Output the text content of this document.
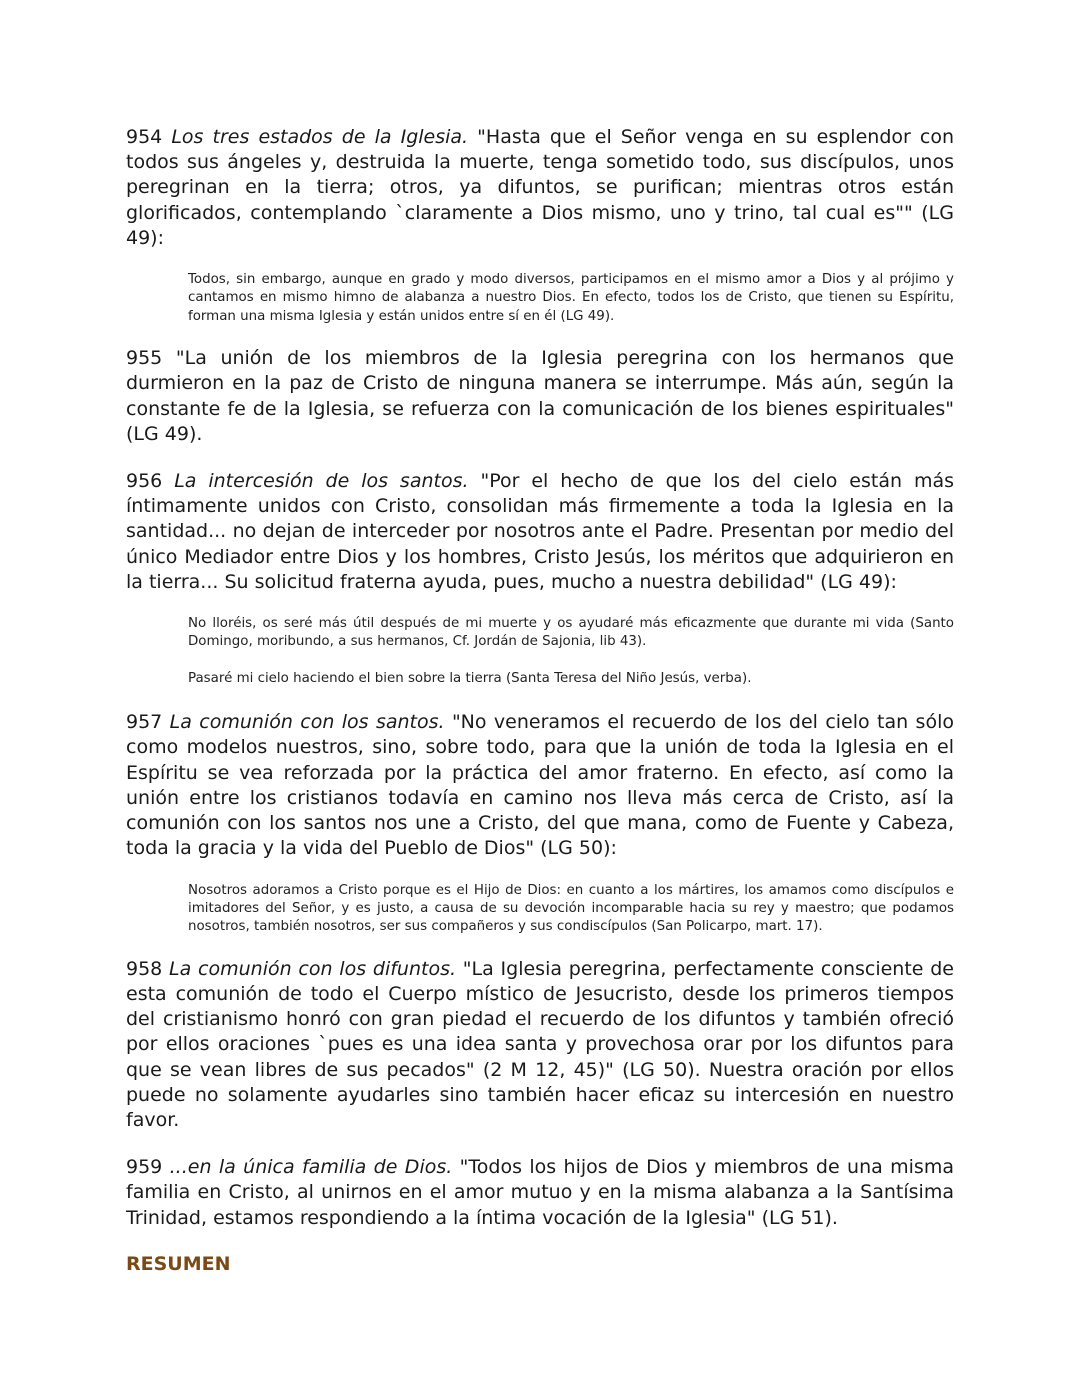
954 Los tres estados de la Iglesia. "Hasta que el Señor venga en su esplendor con todos sus ángeles y, destruida la muerte, tenga sometido todo, sus discípulos, unos peregrinan en la tierra; otros, ya difuntos, se purifican; mientras otros están glorificados, contemplando `claramente a Dios mismo, uno y trino, tal cual es"" (LG 49):

Todos, sin embargo, aunque en grado y modo diversos, participamos en el mismo amor a Dios y al prójimo y cantamos en mismo himno de alabanza a nuestro Dios. En efecto, todos los de Cristo, que tienen su Espíritu, forman una misma Iglesia y están unidos entre sí en él (LG 49).

955 "La unión de los miembros de la Iglesia peregrina con los hermanos que durmieron en la paz de Cristo de ninguna manera se interrumpe. Más aún, según la constante fe de la Iglesia, se refuerza con la comunicación de los bienes espirituales" (LG 49).

956 La intercesión de los santos. "Por el hecho de que los del cielo están más íntimamente unidos con Cristo, consolidan más firmemente a toda la Iglesia en la santidad... no dejan de interceder por nosotros ante el Padre. Presentan por medio del único Mediador entre Dios y los hombres, Cristo Jesús, los méritos que adquirieron en la tierra... Su solicitud fraterna ayuda, pues, mucho a nuestra debilidad" (LG 49):

No lloréis, os seré más útil después de mi muerte y os ayudaré más eficazmente que durante mi vida (Santo Domingo, moribundo, a sus hermanos, Cf. Jordán de Sajonia, lib 43).

Pasaré mi cielo haciendo el bien sobre la tierra (Santa Teresa del Niño Jesús, verba).

957 La comunión con los santos. "No veneramos el recuerdo de los del cielo tan sólo como modelos nuestros, sino, sobre todo, para que la unión de toda la Iglesia en el Espíritu se vea reforzada por la práctica del amor fraterno. En efecto, así como la unión entre los cristianos todavía en camino nos lleva más cerca de Cristo, así la comunión con los santos nos une a Cristo, del que mana, como de Fuente y Cabeza, toda la gracia y la vida del Pueblo de Dios" (LG 50):

Nosotros adoramos a Cristo porque es el Hijo de Dios: en cuanto a los mártires, los amamos como discípulos e imitadores del Señor, y es justo, a causa de su devoción incomparable hacia su rey y maestro; que podamos nosotros, también nosotros, ser sus compañeros y sus condiscípulos (San Policarpo, mart. 17).

958 La comunión con los difuntos. "La Iglesia peregrina, perfectamente consciente de esta comunión de todo el Cuerpo místico de Jesucristo, desde los primeros tiempos del cristianismo honró con gran piedad el recuerdo de los difuntos y también ofreció por ellos oraciones `pues es una idea santa y provechosa orar por los difuntos para que se vean libres de sus pecados" (2 M 12, 45)" (LG 50). Nuestra oración por ellos puede no solamente ayudarles sino también hacer eficaz su intercesión en nuestro favor.

959 ...en la única familia de Dios. "Todos los hijos de Dios y miembros de una misma familia en Cristo, al unirnos en el amor mutuo y en la misma alabanza a la Santísima Trinidad, estamos respondiendo a la íntima vocación de la Iglesia" (LG 51).

RESUMEN
